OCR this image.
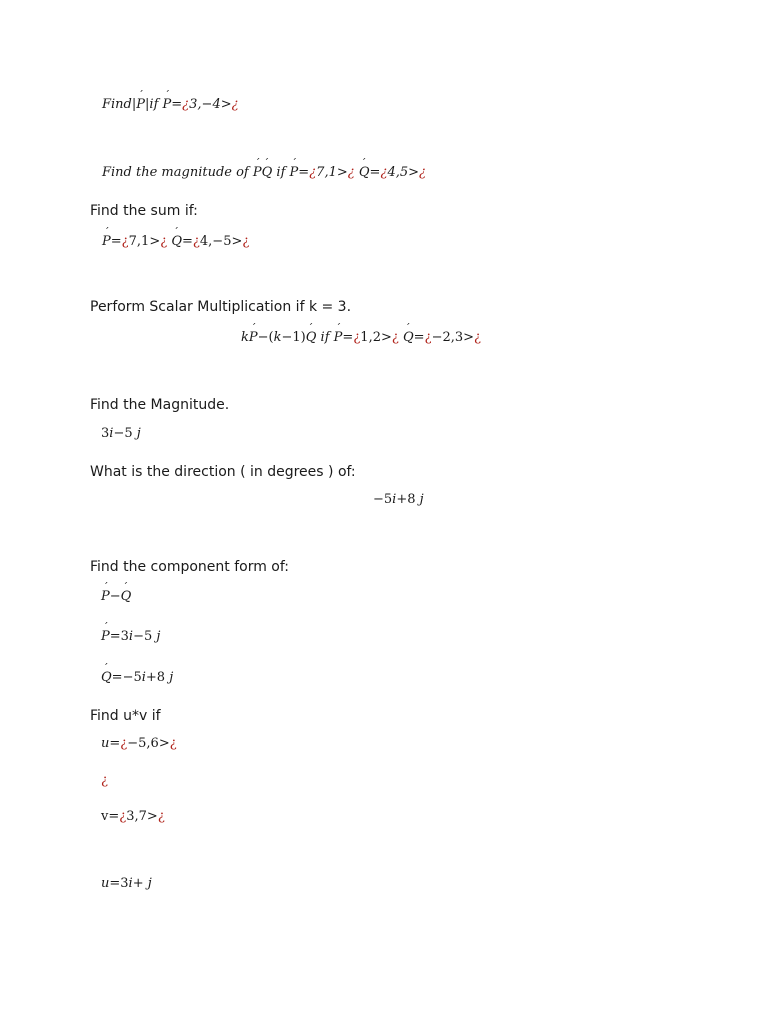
Find|´ P|if ´ P=¿3,−4>¿
Find the magnitude of ´ P´ Q if ´ P=¿7,1>¿ ´ Q=¿4,5>¿
Find the sum if:
´ P=¿7,1>¿ ´ Q=¿4,−5>¿
Perform Scalar Multiplication if k = 3.
k´ P−(k−1)´ Q if ´ P=¿1,2>¿ ´ Q=¿−2,3>¿
Find the Magnitude.
3i−5 j
What is the direction ( in degrees ) of:
−5i+8 j
Find the component form of:
´ P−´ Q
´ P=3i−5 j
´ Q=−5i+8 j
Find u*v if
u=¿−5,6>¿
¿
v=¿3,7>¿
u=3i+ j
